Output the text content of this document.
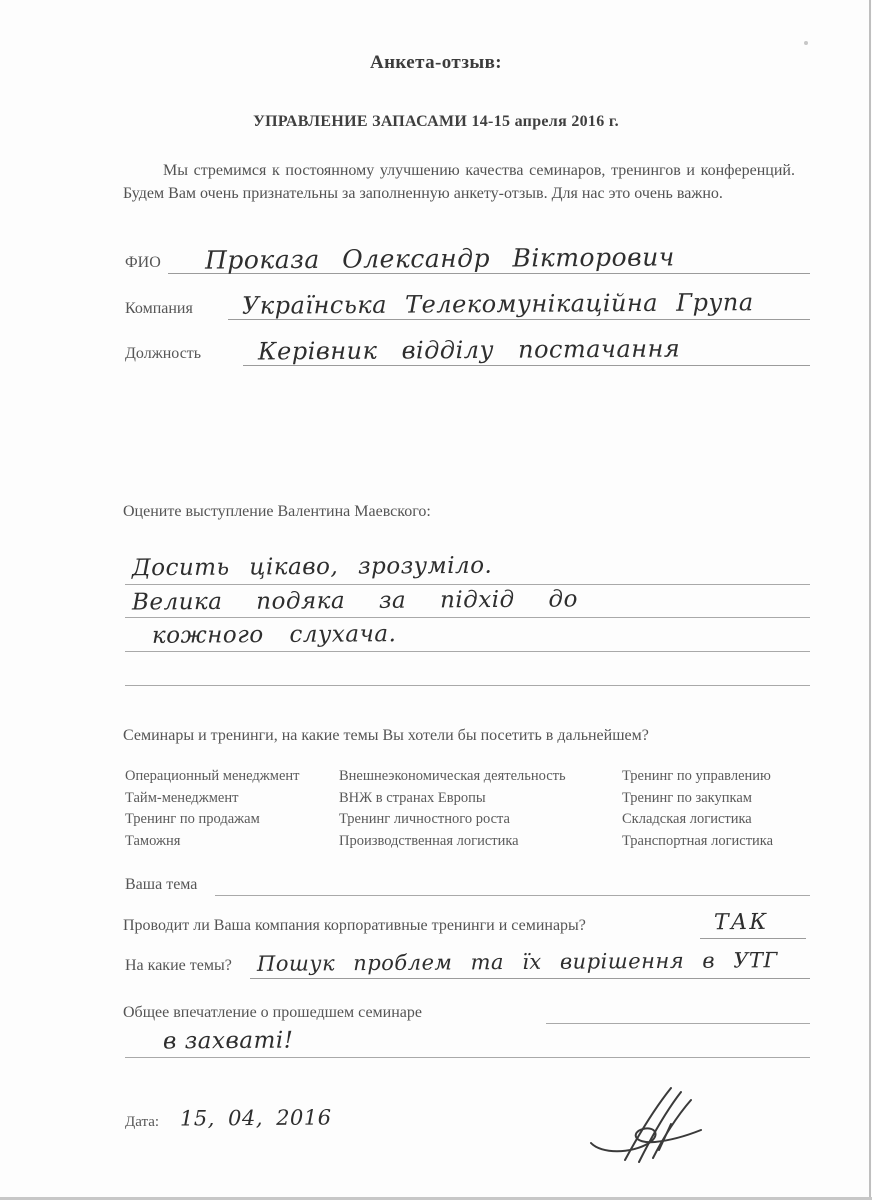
Анкета-отзыв:
УПРАВЛЕНИЕ ЗАПАСАМИ 14-15 апреля 2016 г.
Мы стремимся к постоянному улучшению качества семинаров, тренингов и конференций. Будем Вам очень признательны за заполненную анкету-отзыв. Для нас это очень важно.
ФИО Проказа Олександр Вікторович
Компания Українська Телекомунікаційна Група
Должность Керівник відділу постачання
Оцените выступление Валентина Маевского:
Досить цікаво, зрозуміло.
Велика подяка за підхід до
кожного слухача.
Семинары и тренинги, на какие темы Вы хотели бы посетить в дальнейшем?
Операционный менеджмент
Тайм-менеджмент
Тренинг по продажам
Таможня
Внешнеэкономическая деятельность
ВНЖ в странах Европы
Тренинг личностного роста
Производственная логистика
Тренинг по управлению
Тренинг по закупкам
Складская логистика
Транспортная логистика
Ваша тема
Проводит ли Ваша компания корпоративные тренинги и семинары?	ТАК
На какие темы? Пошук проблем та їх вирішення в УТГ
Общее впечатление о прошедшем семинаре
в захваті!
Дата: 15, 04, 2016
